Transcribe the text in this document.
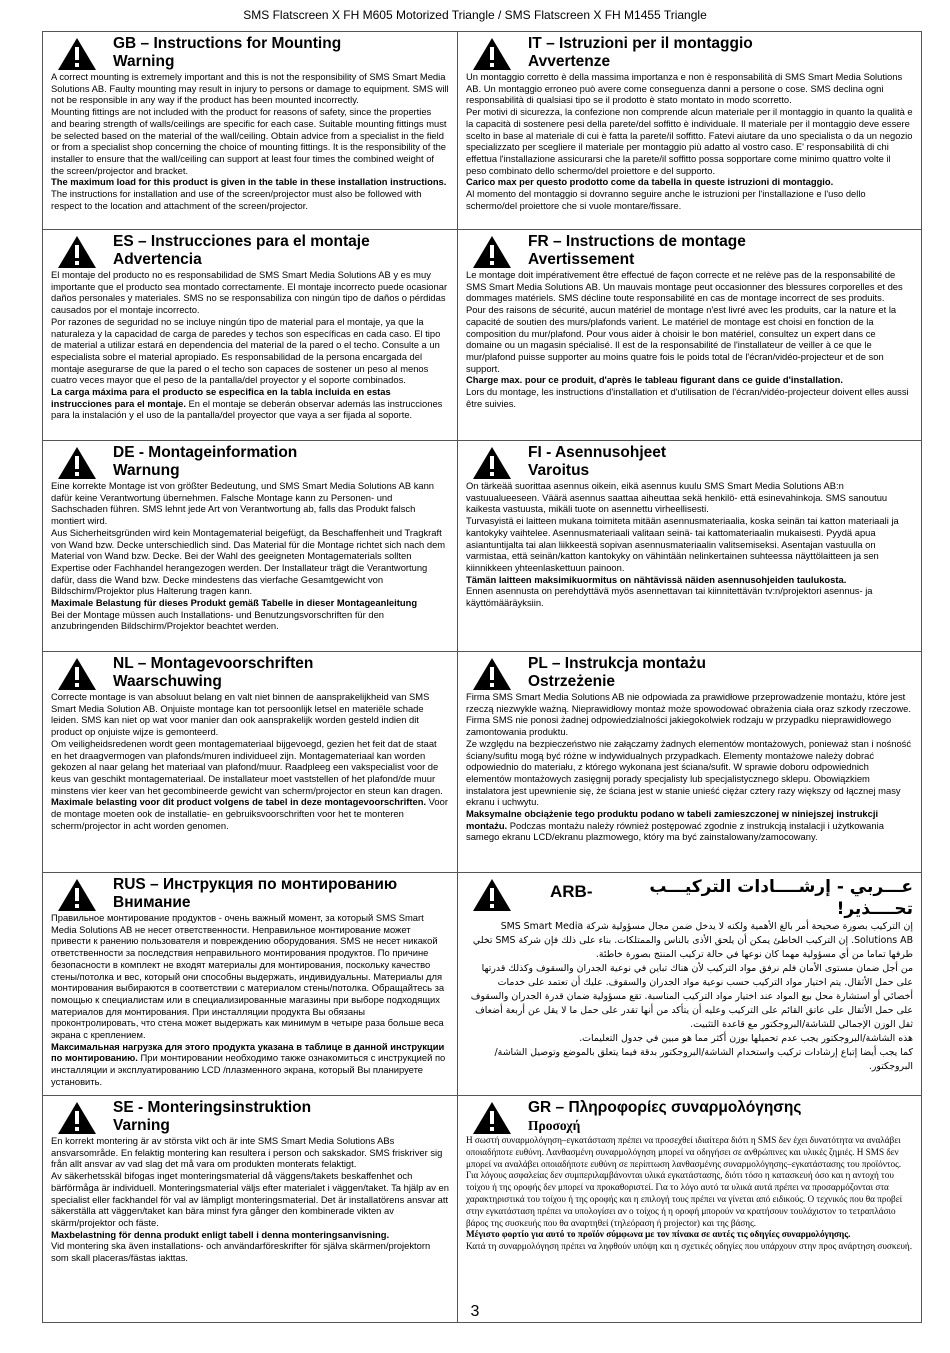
SMS Flatscreen X FH M605 Motorized Triangle / SMS Flatscreen X FH M1455 Triangle
GB – Instructions for Mounting
Warning

A correct mounting is extremely important and this is not the responsibility of SMS Smart Media Solutions AB. Faulty mounting may result in injury to persons or damage to equipment. SMS will not be responsible in any way if the product has been mounted incorrectly.

Mounting fittings are not included with the product for reasons of safety, since the properties and bearing strength of walls/ceilings are specific for each case. Suitable mounting fittings must be selected based on the material of the wall/ceiling. Obtain advice from a specialist in the field or from a specialist shop concerning the choice of mounting fittings. It is the responsibility of the installer to ensure that the wall/ceiling can support at least four times the combined weight of the screen/projector and bracket.

The maximum load for this product is given in the table in these installation instructions. The instructions for installation and use of the screen/projector must also be followed with respect to the location and attachment of the screen/projector.

IT – Istruzioni per il montaggio
Avvertenze

Un montaggio corretto è della massima importanza e non è responsabilità di SMS Smart Media Solutions AB. Un montaggio erroneo può avere come conseguenza danni a persone o cose. SMS declina ogni responsabilità di qualsiasi tipo se il prodotto è stato montato in modo scorretto.

Per motivi di sicurezza, la confezione non comprende alcun materiale per il montaggio in quanto la qualità e la capacità di sostenere pesi della parete/del soffitto è individuale. Il materiale per il montaggio deve essere scelto in base al materiale di cui è fatta la parete/il soffitto. Fatevi aiutare da uno specialista o da un negozio specializzato per scegliere il materiale per montaggio più adatto al vostro caso. E' responsabilità di chi effettua l'installazione assicurarsi che la parete/il soffitto possa sopportare come minimo quattro volte il peso combinato dello schermo/del proiettore e del supporto.

Carico max per questo prodotto come da tabella in queste istruzioni di montaggio.

Al momento del montaggio si dovranno seguire anche le istruzioni per l'installazione e l'uso dello schermo/del proiettore che si vuole montare/fissare.

ES – Instrucciones para el montaje
Advertencia

El montaje del producto no es responsabilidad de SMS Smart Media Solutions AB y es muy importante que el producto sea montado correctamente. El montaje incorrecto puede ocasionar daños personales y materiales. SMS no se responsabiliza con ningún tipo de daños o pérdidas causados por el montaje incorrecto.

Por razones de seguridad no se incluye ningún tipo de material para el montaje, ya que la naturaleza y la capacidad de carga de paredes y techos son específicas en cada caso. El tipo de material a utilizar estará en dependencia del material de la pared o el techo. Consulte a un especialista sobre el material apropiado. Es responsabilidad de la persona encargada del montaje asegurarse de que la pared o el techo son capaces de sostener un peso al menos cuatro veces mayor que el peso de la pantalla/del proyector y el soporte combinados.

La carga máxima para el producto se especifica en la tabla incluida en estas instrucciones para el montaje. En el montaje se deberán observar además las instrucciones para la instalación y el uso de la pantalla/del proyector que vaya a ser fijada al soporte.

FR – Instructions de montage
Avertissement

Le montage doit impérativement être effectué de façon correcte et ne relève pas de la responsabilité de SMS Smart Media Solutions AB. Un mauvais montage peut occasionner des blessures corporelles et des dommages matériels. SMS décline toute responsabilité en cas de montage incorrect de ses produits.

Pour des raisons de sécurité, aucun matériel de montage n'est livré avec les produits, car la nature et la capacité de soutien des murs/plafonds varient. Le matériel de montage est choisi en fonction de la composition du mur/plafond. Pour vous aider à choisir le bon matériel, consultez un expert dans ce domaine ou un magasin spécialisé. Il est de la responsabilité de l'installateur de veiller à ce que le mur/plafond puisse supporter au moins quatre fois le poids total de l'écran/vidéo-projecteur et de son support.

Charge max. pour ce produit, d'après le tableau figurant dans ce guide d'installation.

Lors du montage, les instructions d'installation et d'utilisation de l'écran/vidéo-projecteur doivent elles aussi être suivies.

DE - Montageinformation
Warnung

Eine korrekte Montage ist von größter Bedeutung, und SMS Smart Media Solutions AB kann dafür keine Verantwortung übernehmen. Falsche Montage kann zu Personen- und Sachschaden führen. SMS lehnt jede Art von Verantwortung ab, falls das Produkt falsch montiert wird.

Aus Sicherheitsgründen wird kein Montagematerial beigefügt, da Beschaffenheit und Tragkraft von Wand bzw. Decke unterschiedlich sind. Das Material für die Montage richtet sich nach dem Material von Wand bzw. Decke. Bei der Wahl des geeigneten Montagematerials sollten Expertise oder Fachhandel herangezogen werden. Der Installateur trägt die Verantwortung dafür, dass die Wand bzw. Decke mindestens das vierfache Gesamtgewicht von Bildschirm/Projektor plus Halterung tragen kann.

Maximale Belastung für dieses Produkt gemäß Tabelle in dieser Montageanleitung

Bei der Montage müssen auch Installations- und Benutzungsvorschriften für den anzubringenden Bildschirm/Projektor beachtet werden.

FI - Asennusohjeet
Varoitus

On tärkeää suorittaa asennus oikein, eikä asennus kuulu SMS Smart Media Solutions AB:n vastuualueeseen. Väärä asennus saattaa aiheuttaa sekä henkilö- että esinevahinkoja. SMS sanoutuu kaikesta vastuusta, mikäli tuote on asennettu virheellisesti.

Turvasyistä ei laitteen mukana toimiteta mitään asennusmateriaalia, koska seinän tai katton materiaali ja kantokyky vaihtelee. Asennusmateriaali valitaan seinä- tai kattomateriaalin mukaisesti. Pyydä apua asiantuntijalta tai alan liikkeestä sopivan asennusmateriaalin valitsemiseksi. Asentajan vastuulla on varmistaa, että seinän/katton kantokyky on vähintään nelinkertainen suhteessa näyttölaitteen ja sen kiinnikkeen yhteenlaskettuun painoon.

Tämän laitteen maksimikuormitus on nähtävissä näiden asennusohjeiden taulukosta.

Ennen asennusta on perehdyttävä myös asennettavan tai kiinnitettävän tv:n/projektori asennus- ja käyttömääräyksiin.

NL – Montagevoorschriften
Waarschuwing

Correcte montage is van absoluut belang en valt niet binnen de aansprakelijkheid van SMS Smart Media Solution AB. Onjuiste montage kan tot persoonlijk letsel en materiële schade leiden. SMS kan niet op wat voor manier dan ook aansprakelijk worden gesteld indien dit product op onjuiste wijze is gemonteerd.

Om veiligheidsredenen wordt geen montagemateriaal bijgevoegd, gezien het feit dat de staat en het draagvermogen van plafonds/muren individueel zijn. Montagemateriaal kan worden gekozen al naar gelang het materiaal van plafond/muur. Raadpleeg een vakspecialist voor de keus van geschikt montagemateriaal. De installateur moet vaststellen of het plafond/de muur minstens vier keer van het gecombineerde gewicht van scherm/projector en steun kan dragen.

Maximale belasting voor dit product volgens de tabel in deze montagevoorschriften. Voor de montage moeten ook de installatie- en gebruiksvoorschriften voor het te monteren scherm/projector in acht worden genomen.

PL – Instrukcja montażu
Ostrzeżenie

Firma SMS Smart Media Solutions AB nie odpowiada za prawidłowe przeprowadzenie montażu, które jest rzeczą niezwykle ważną. Nieprawidłowy montaż może spowodować obrażenia ciała oraz szkody rzeczowe. Firma SMS nie ponosi żadnej odpowiedzialności jakiegokolwiek rodzaju w przypadku nieprawidłowego zamontowania produktu.

Ze względu na bezpieczeństwo nie załączamy żadnych elementów montażowych, ponieważ stan i nośność ściany/sufitu mogą być różne w indywidualnych przypadkach. Elementy montażowe należy dobrać odpowiednio do materiału, z którego wykonana jest ściana/sufit. W sprawie doboru odpowiednich elementów montażowych zasięgnij porady specjalisty lub specjalistycznego sklepu. Obowiązkiem instalatora jest upewnienie się, że ściana jest w stanie unieść ciężar cztery razy większy od łącznej masy ekranu i uchwytu.

Maksymalne obciążenie tego produktu podano w tabeli zamieszczonej w niniejszej instrukcji montażu. Podczas montażu należy również postępować zgodnie z instrukcją instalacji i użytkowania samego ekranu LCD/ekranu plazmowego, który ma być zainstalowany/zamocowany.

RUS – Инструкция по монтированию
Внимание

Правильное монтирование продуктов - очень важный момент, за который SMS Smart Media Solutions AB не несет ответственности. Неправильное монтирование может привести к ранению пользователя и повреждению оборудования. SMS не несет никакой ответственности за последствия неправильного монтирования продуктов. По причине безопасности в комплект не входят материалы для монтирования, поскольку качество стены/потолка и вес, который они способны выдержать, индивидуальны. Материалы для монтирования выбираются в соответствии с материалом стены/потолка. Обращайтесь за помощью к специалистам или в специализированные магазины при выборе подходящих материалов для монтирования. При инсталляции продукта Вы обязаны проконтролировать, что стена может выдержать как минимум в четыре раза больше веса экрана с креплением.

Максимальная нагрузка для этого продукта указана в таблице в данной инструкции по монтированию. При монтировании необходимо также ознакомиться с инструкцией по инсталляции и эксплуатированию LCD /плазменного экрана, который Вы планируете установить.

ARB-	عـــربي - إرشــــادات التركيـــب
تحــــذير!

إن التركيب بصورة صحيحة أمر بالغ الأهمية ولكنه لا يدخل ضمن مجال مسؤولية شركة SMS Smart Media Solutions AB. إن التركيب الخاطئ يمكن أن يلحق الأذى بالناس والممتلكات. بناء على ذلك فإن شركة SMS تخلي طرفها تماما من أي مسؤولية مهما كان نوعها في حالة تركيب المنتج بصورة خاطئة.

من أجل ضمان مستوى الأمان فلم نرفق مواد التركيب لأن هناك تباين في نوعية الجدران والسقوف وكذلك قدرتها على حمل الأثقال. يتم اختيار مواد التركيب حسب نوعية مواد الجدران والسقوف. عليك أن تعتمد على خدمات أخصائي أو استشارة محل بيع المواد عند اختيار مواد التركيب المناسبة. تقع مسؤولية ضمان قدرة الجدران والسقوف على حمل الأثقال على عاتق القائم على التركيب وعليه أن يتأكد من أنها تقدر على حمل ما لا يقل عن أربعة أضعاف ثقل الوزن الإجمالي للشاشة/البروجكتور مع قاعدة التثبيت.

هذه الشاشة/البروجكتور يجب عدم تحميلها بوزن أكثر مما هو مبين في جدول التعليمات.

كما يجب أيضا إتباع إرشادات تركيب واستخدام الشاشة/البروجكتور بدقة فيما يتعلق بالموضع وتوصيل الشاشة/البروجكتور.

SE - Monteringsinstruktion
Varning

En korrekt montering är av största vikt och är inte SMS Smart Media Solutions ABs ansvarsområde. En felaktig montering kan resultera i person och sakskador. SMS friskriver sig från allt ansvar av vad slag det må vara om produkten monterats felaktigt.

Av säkerhetsskäl bifogas inget monteringsmaterial då väggens/takets beskaffenhet och bärförmåga är individuell. Monteringsmaterial väljs efter materialet i väggen/taket. Ta hjälp av en specialist eller fackhandel för val av lämpligt monteringsmaterial. Det är installatörens ansvar att säkerställa att väggen/taket kan bära minst fyra gånger den kombinerade vikten av skärm/projektor och fäste.

Maxbelastning för denna produkt enligt tabell i denna monteringsanvisning.

Vid montering ska även installations- och användarföreskrifter för själva skärmen/projektorn som skall placeras/fästas iakttas.

GR – Πληροφορίες συναρμολόγησης
Προσοχή

Η σωστή συναρμολόγηση–εγκατάσταση πρέπει να προσεχθεί ιδιαίτερα διότι η SMS δεν έχει δυνατότητα να αναλάβει οποιαδήποτε ευθύνη. Λανθασμένη συναρμολόγηση μπορεί να οδηγήσει σε ανθρώπινες και υλικές ζημιές. Η SMS δεν μπορεί να αναλάβει οποιαδήποτε ευθύνη σε περίπτωση λανθασμένης συναρμολόγησης–εγκατάστασης του προϊόντος.

Για λόγους ασφαλείας δεν συμπεριλαμβάνονται υλικά εγκατάστασης, διότι τόσο η κατασκευή όσο και η αντοχή του τοίχου ή της οροφής δεν μπορεί να προκαθοριστεί. Για το λόγο αυτό τα υλικά αυτά πρέπει να προσαρμόζονται στα χαρακτηριστικά του τοίχου ή της οροφής και η επιλογή τους πρέπει να γίνεται από ειδικούς. Ο τεχνικός που θα προβεί στην εγκατάσταση πρέπει να υπολογίσει αν ο τοίχος ή η οροφή μπορούν να κρατήσουν τουλάχιστον το τετραπλάσιο βάρος της συσκευής που θα αναρτηθεί (τηλεόραση ή projector) και της βάσης.

Μέγιστο φορτίο για αυτό το προϊόν σύμφωνα με τον πίνακα σε αυτές τις οδηγίες συναρμολόγησης.

Κατά τη συναρμολόγηση πρέπει να ληφθούν υπόψη και η σχετικές οδηγίες που υπάρχουν στην προς ανάρτηση συσκευή.

3
